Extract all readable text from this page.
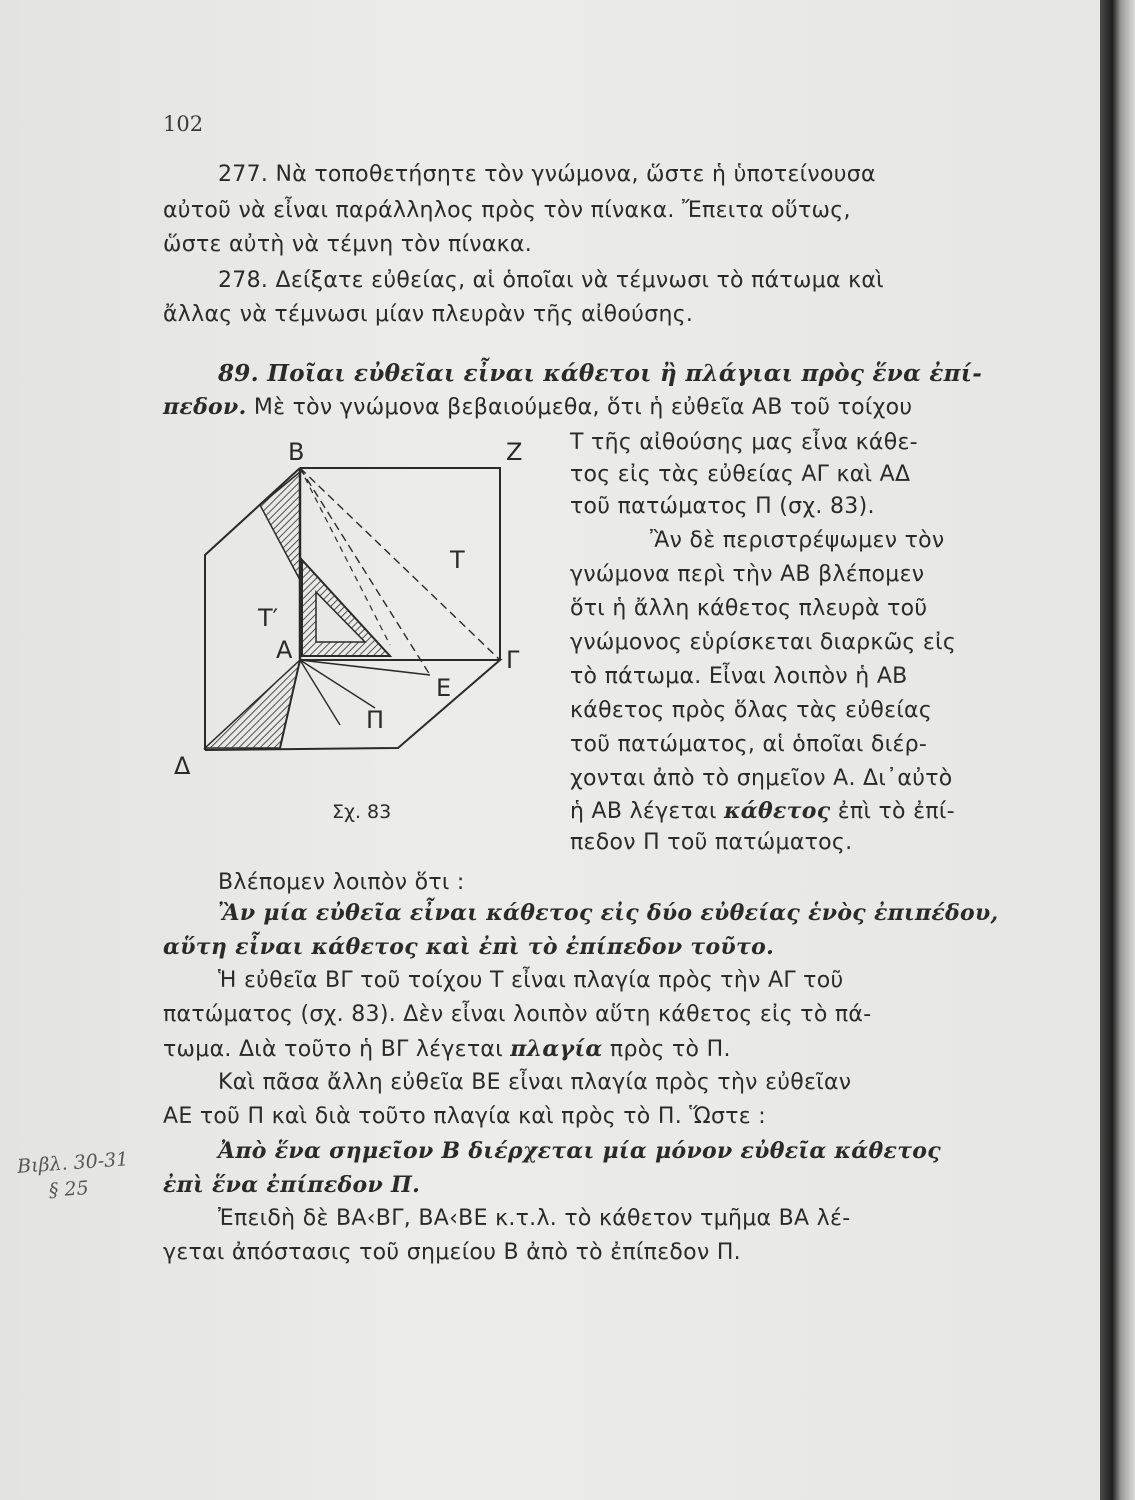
102
277. Νὰ τοποθετήσητε τὸν γνώμονα, ὥστε ἡ ὑποτείνουσα
αὐτοῦ νὰ εἶναι παράλληλος πρὸς τὸν πίνακα. Ἔπειτα οὕτως,
ὥστε αὐτὴ νὰ τέμνη τὸν πίνακα.
278. Δείξατε εὐθείας, αἱ ὁποῖαι νὰ τέμνωσι τὸ πάτωμα καὶ
ἄλλας νὰ τέμνωσι μίαν πλευρὰν τῆς αἰθούσης.
89. Ποῖαι εὐθεῖαι εἶναι κάθετοι ἢ πλάγιαι πρὸς ἕνα ἐπί-
πεδον. Μὲ τὸν γνώμονα βεβαιούμεθα, ὅτι ἡ εὐθεῖα ΑΒ τοῦ τοίχου
Τ τῆς αἰθούσης μας εἶνα κάθε-
τος εἰς τὰς εὐθείας ΑΓ καὶ ΑΔ
τοῦ πατώματος Π (σχ. 83).
Ἂν δὲ περιστρέψωμεν τὸν
γνώμονα περὶ τὴν ΑΒ βλέπομεν
ὅτι ἡ ἄλλη κάθετος πλευρὰ τοῦ
γνώμονος εὑρίσκεται διαρκῶς εἰς
τὸ πάτωμα. Εἶναι λοιπὸν ἡ ΑΒ
κάθετος πρὸς ὅλας τὰς εὐθείας
τοῦ πατώματος, αἱ ὁποῖαι διέρ-
χονται ἀπὸ τὸ σημεῖον Α. Δι᾽αὐτὸ
ἡ ΑΒ λέγεται κάθετος ἐπὶ τὸ ἐπί-
πεδον Π τοῦ πατώματος.
Β	Ζ
Τ
Τ′
Α	Γ
Ε
Π
Δ
Σχ. 83
Βλέπομεν λοιπὸν ὅτι :
Ἂν μία εὐθεῖα εἶναι κάθετος εἰς δύο εὐθείας ἑνὸς ἐπιπέδου,
αὕτη εἶναι κάθετος καὶ ἐπὶ τὸ ἐπίπεδον τοῦτο.
Ἡ εὐθεῖα ΒΓ τοῦ τοίχου Τ εἶναι πλαγία πρὸς τὴν ΑΓ τοῦ
πατώματος (σχ. 83). Δὲν εἶναι λοιπὸν αὕτη κάθετος εἰς τὸ πά-
τωμα. Διὰ τοῦτο ἡ ΒΓ λέγεται πλαγία πρὸς τὸ Π.
Καὶ πᾶσα ἄλλη εὐθεῖα ΒΕ εἶναι πλαγία πρὸς τὴν εὐθεῖαν
ΑΕ τοῦ Π καὶ διὰ τοῦτο πλαγία καὶ πρὸς τὸ Π. Ὥστε :
Ἀπὸ ἕνα σημεῖον Β διέρχεται μία μόνον εὐθεῖα κάθετος
ἐπὶ ἕνα ἐπίπεδον Π.
Ἐπειδὴ δὲ ΒΑ‹ΒΓ, ΒΑ‹ΒΕ κ.τ.λ. τὸ κάθετον τμῆμα ΒΑ λέ-
γεται ἀπόστασις τοῦ σημείου Β ἀπὸ τὸ ἐπίπεδον Π.
Βιβλ. 30-31
§ 25
